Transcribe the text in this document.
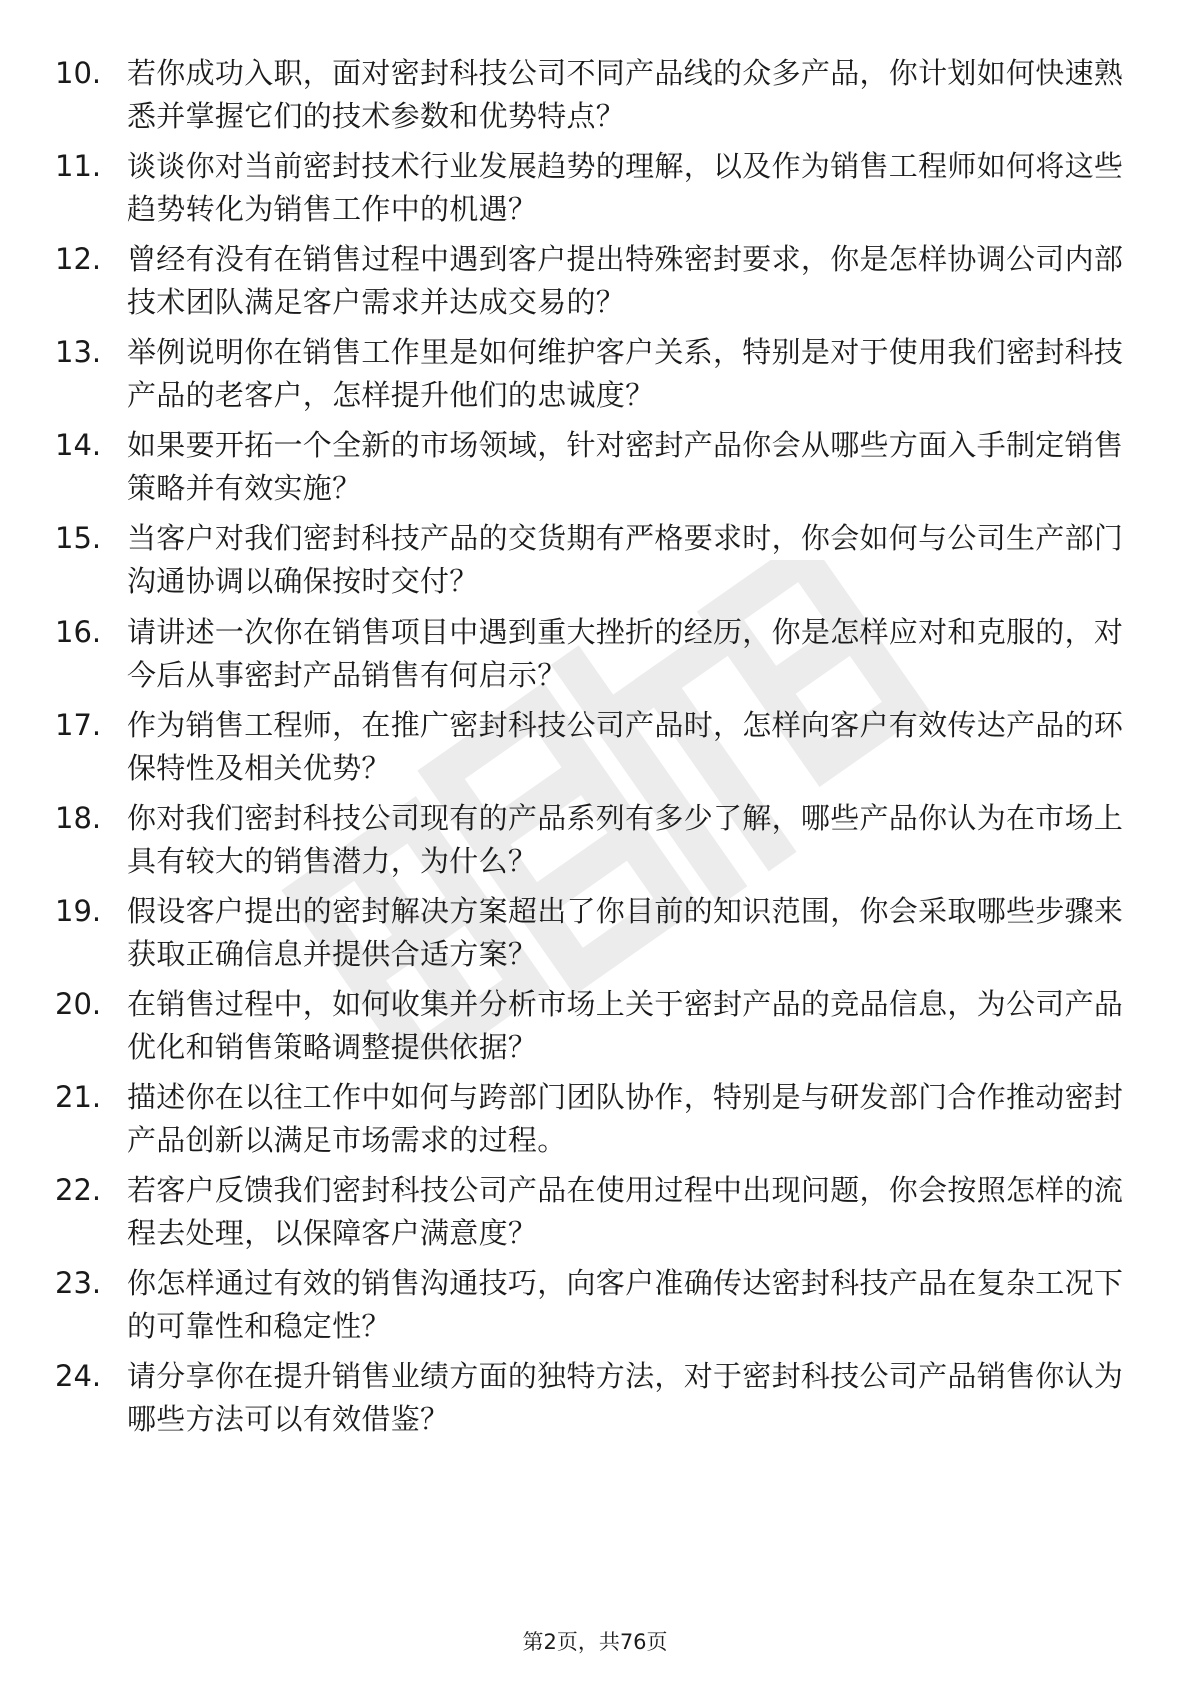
10. 若你成功入职，面对密封科技公司不同产品线的众多产品，你计划如何快速熟悉并掌握它们的技术参数和优势特点？
11. 谈谈你对当前密封技术行业发展趋势的理解，以及作为销售工程师如何将这些趋势转化为销售工作中的机遇？
12. 曾经有没有在销售过程中遇到客户提出特殊密封要求，你是怎样协调公司内部技术团队满足客户需求并达成交易的？
13. 举例说明你在销售工作里是如何维护客户关系，特别是对于使用我们密封科技产品的老客户，怎样提升他们的忠诚度？
14. 如果要开拓一个全新的市场领域，针对密封产品你会从哪些方面入手制定销售策略并有效实施？
15. 当客户对我们密封科技产品的交货期有严格要求时，你会如何与公司生产部门沟通协调以确保按时交付？
16. 请讲述一次你在销售项目中遇到重大挫折的经历，你是怎样应对和克服的，对今后从事密封产品销售有何启示？
17. 作为销售工程师，在推广密封科技公司产品时，怎样向客户有效传达产品的环保特性及相关优势？
18. 你对我们密封科技公司现有的产品系列有多少了解，哪些产品你认为在市场上具有较大的销售潜力，为什么？
19. 假设客户提出的密封解决方案超出了你目前的知识范围，你会采取哪些步骤来获取正确信息并提供合适方案？
20. 在销售过程中，如何收集并分析市场上关于密封产品的竞品信息，为公司产品优化和销售策略调整提供依据？
21. 描述你在以往工作中如何与跨部门团队协作，特别是与研发部门合作推动密封产品创新以满足市场需求的过程。
22. 若客户反馈我们密封科技公司产品在使用过程中出现问题，你会按照怎样的流程去处理，以保障客户满意度？
23. 你怎样通过有效的销售沟通技巧，向客户准确传达密封科技产品在复杂工况下的可靠性和稳定性？
24. 请分享你在提升销售业绩方面的独特方法，对于密封科技公司产品销售你认为哪些方法可以有效借鉴？
第2页，共76页
